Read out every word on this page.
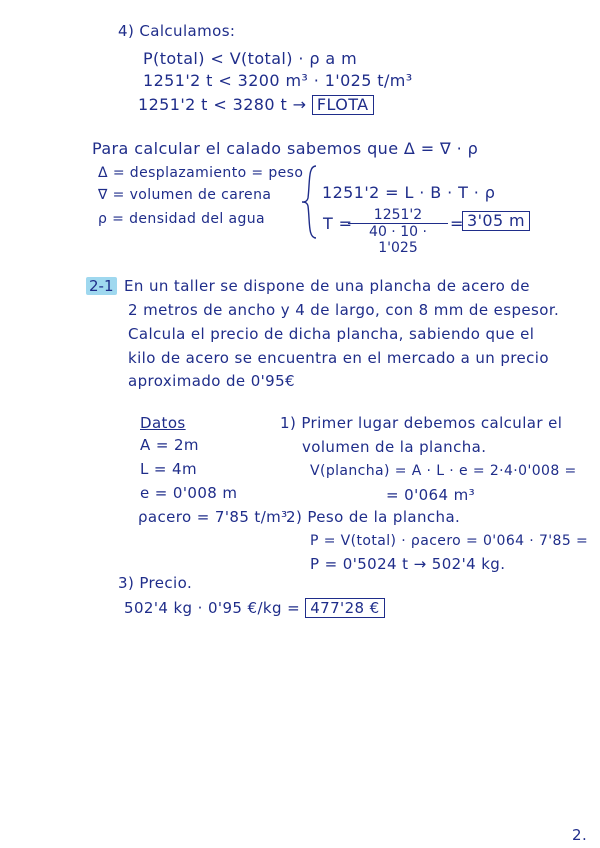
4) Calculamos:
P(total) < V(total) · ρ a m
1251'2 t < 3200 m³ · 1'025 t/m³
1251'2 t < 3280 t → FLOTA
Para calcular el calado sabemos que Δ = ∇ · ρ
Δ = desplazamiento = peso
∇ = volumen de carena
ρ = densidad del agua
1251'2 = L · B · T · ρ
T =
$\frac{1251'2}{40 \cdot 10 \cdot 1'025} = 3'05$ m
2-1 En un taller se dispone de una plancha de acero de
2 metros de ancho y 4 de largo, con 8 mm de espesor.
Calcula el precio de dicha plancha, sabiendo que el
kilo de acero se encuentra en el mercado a un precio
aproximado de 0'95€
Datos
A = 2m
L = 4m
e = 0'008 m
ρacero = 7'85 t/m³
1) Primer lugar debemos calcular el
volumen de la plancha.
V(plancha) = A · L · e = 2·4·0'008 =
= 0'064 m³
2) Peso de la plancha.
P = V(total) · ρacero = 0'064 · 7'85 =
P = 0'5024 t → 502'4 kg.
3) Precio.
502'4 kg · 0'95 €/kg = 477'28 €
2.
